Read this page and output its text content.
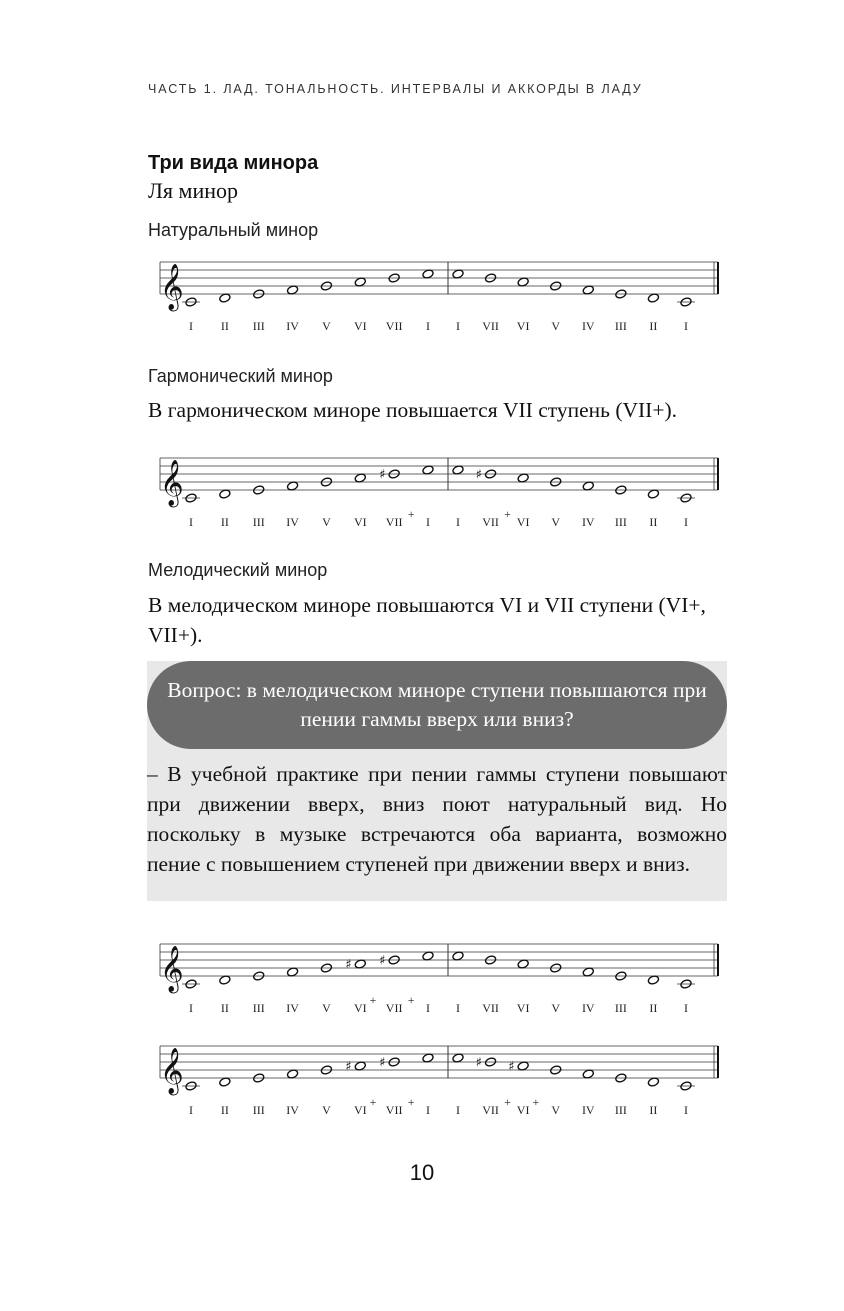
ЧАСТЬ 1. ЛАД. ТОНАЛЬНОСТЬ. ИНТЕРВАЛЫ И АККОРДЫ В ЛАДУ
Три вида минора
Ля минор
Натуральный минор
𝄞
I II III IV V VI VII I I VII VI V IV III II I
Гармонический минор
В гармоническом миноре повышается VII ступень (VII+).
𝄞
I II III IV V VI
♯
VII
+
I I
♯
VII
+
VI V IV III II I
Мелодический минор
В мелодическом миноре повышаются VI и VII ступени (VI+, VII+).
Вопрос: в мелодическом миноре ступени повышаются при пении гаммы вверх или вниз?
– В учебной практике при пении гаммы ступени повышают при движении вверх, вниз поют натуральный вид. Но поскольку в музыке встречаются оба варианта, возможно пение с повышением ступеней при движении вверх и вниз.
𝄞
I II III IV V
♯
VI
+
♯
VII
+
I I VII VI V IV III II I
𝄞
I II III IV V
♯
VI
+
♯
VII
+
I I
♯
VII
+
♯
VI
+
V IV III II I
10
